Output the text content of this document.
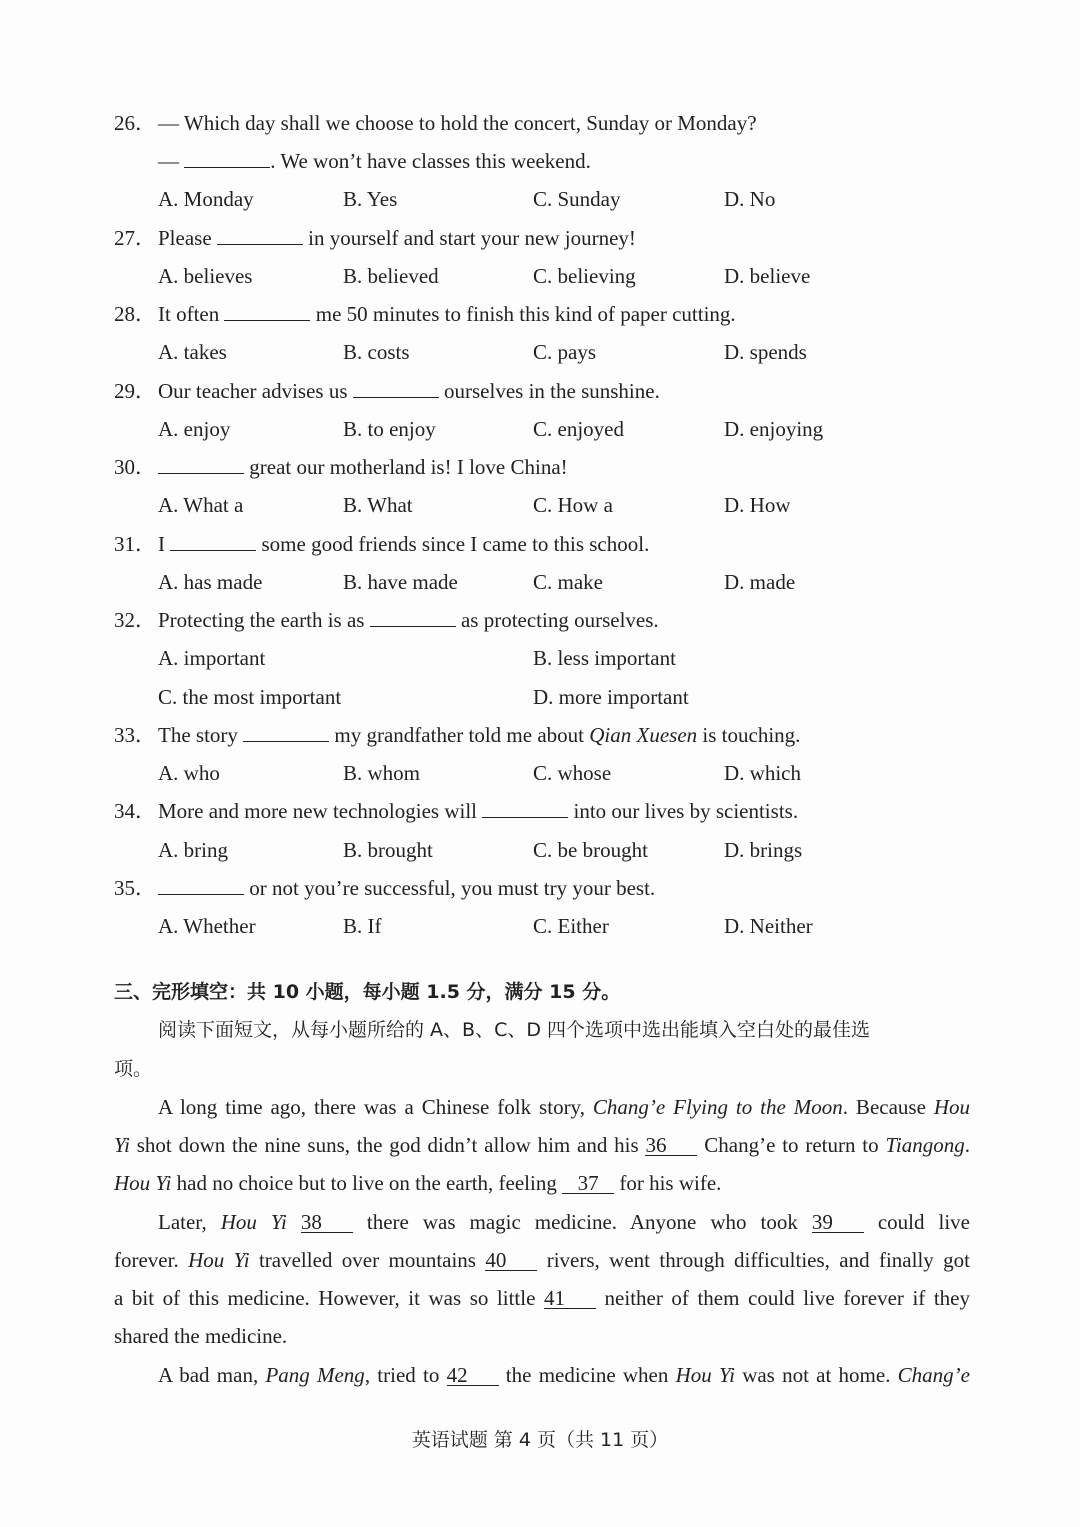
26．— Which day shall we choose to hold the concert, Sunday or Monday?
—	. We won’t have classes this weekend.
A. Monday	B. Yes	C. Sunday	D. No
27．Please	in yourself and start your new journey!
A. believes	B. believed	C. believing	D. believe
28．It often	me 50 minutes to finish this kind of paper cutting.
A. takes	B. costs	C. pays	D. spends
29．Our teacher advises us	ourselves in the sunshine.
A. enjoy	B. to enjoy	C. enjoyed	D. enjoying
30．	great our motherland is! I love China!
A. What a	B. What	C. How a	D. How
31．I	some good friends since I came to this school.
A. has made	B. have made	C. make	D. made
32．Protecting the earth is as	as protecting ourselves.
A. important	B. less important
C. the most important	D. more important
33．The story	my grandfather told me about Qian Xuesen is touching.
A. who	B. whom	C. whose	D. which
34．More and more new technologies will	into our lives by scientists.
A. bring	B. brought	C. be brought	D. brings
35．	or not you’re successful, you must try your best.
A. Whether	B. If	C. Either	D. Neither
三、完形填空：共 10 小题，每小题 1.5 分，满分 15 分。
阅读下面短文，从每小题所给的 A、B、C、D 四个选项中选出能填入空白处的最佳选
项。
A long time ago, there was a Chinese folk story, Chang’e Flying to the Moon. Because Hou
Yi shot down the nine suns, the god didn’t allow him and his 36 Chang’e to return to Tiangong.
Hou Yi had no choice but to live on the earth, feeling 37 for his wife.
Later, Hou Yi 38 there was magic medicine. Anyone who took 39 could live
forever. Hou Yi travelled over mountains 40 rivers, went through difficulties, and finally got
a bit of this medicine. However, it was so little 41 neither of them could live forever if they
shared the medicine.
A bad man, Pang Meng, tried to 42 the medicine when Hou Yi was not at home. Chang’e
英语试题 第 4 页（共 11 页）
